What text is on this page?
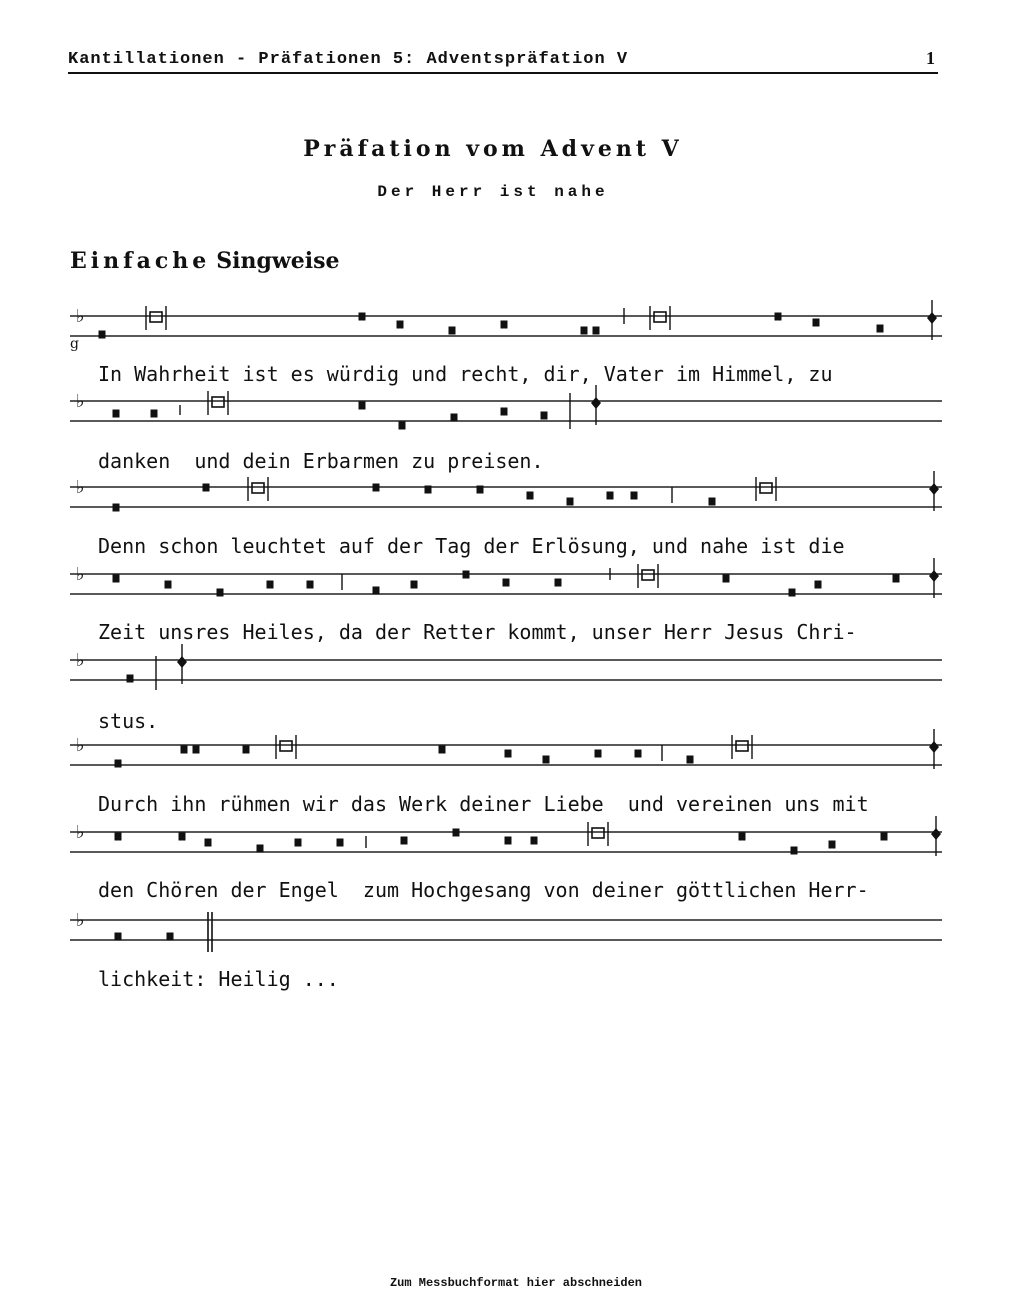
Kantillationen - Präfationen 5: Adventspräfation V	1
Präfation vom Advent V
Der Herr ist nahe
Einfache Singweise
♭
g
♭
♭
♭
♭
♭
♭
♭
In Wahrheit ist es würdig und recht, dir, Vater im Himmel, zu
danken  und dein Erbarmen zu preisen.
Denn schon leuchtet auf der Tag der Erlösung, und nahe ist die
Zeit unsres Heiles, da der Retter kommt, unser Herr Jesus Chri-
stus.
Durch ihn rühmen wir das Werk deiner Liebe  und vereinen uns mit
den Chören der Engel  zum Hochgesang von deiner göttlichen Herr-
lichkeit: Heilig ...
Zum Messbuchformat hier abschneiden
